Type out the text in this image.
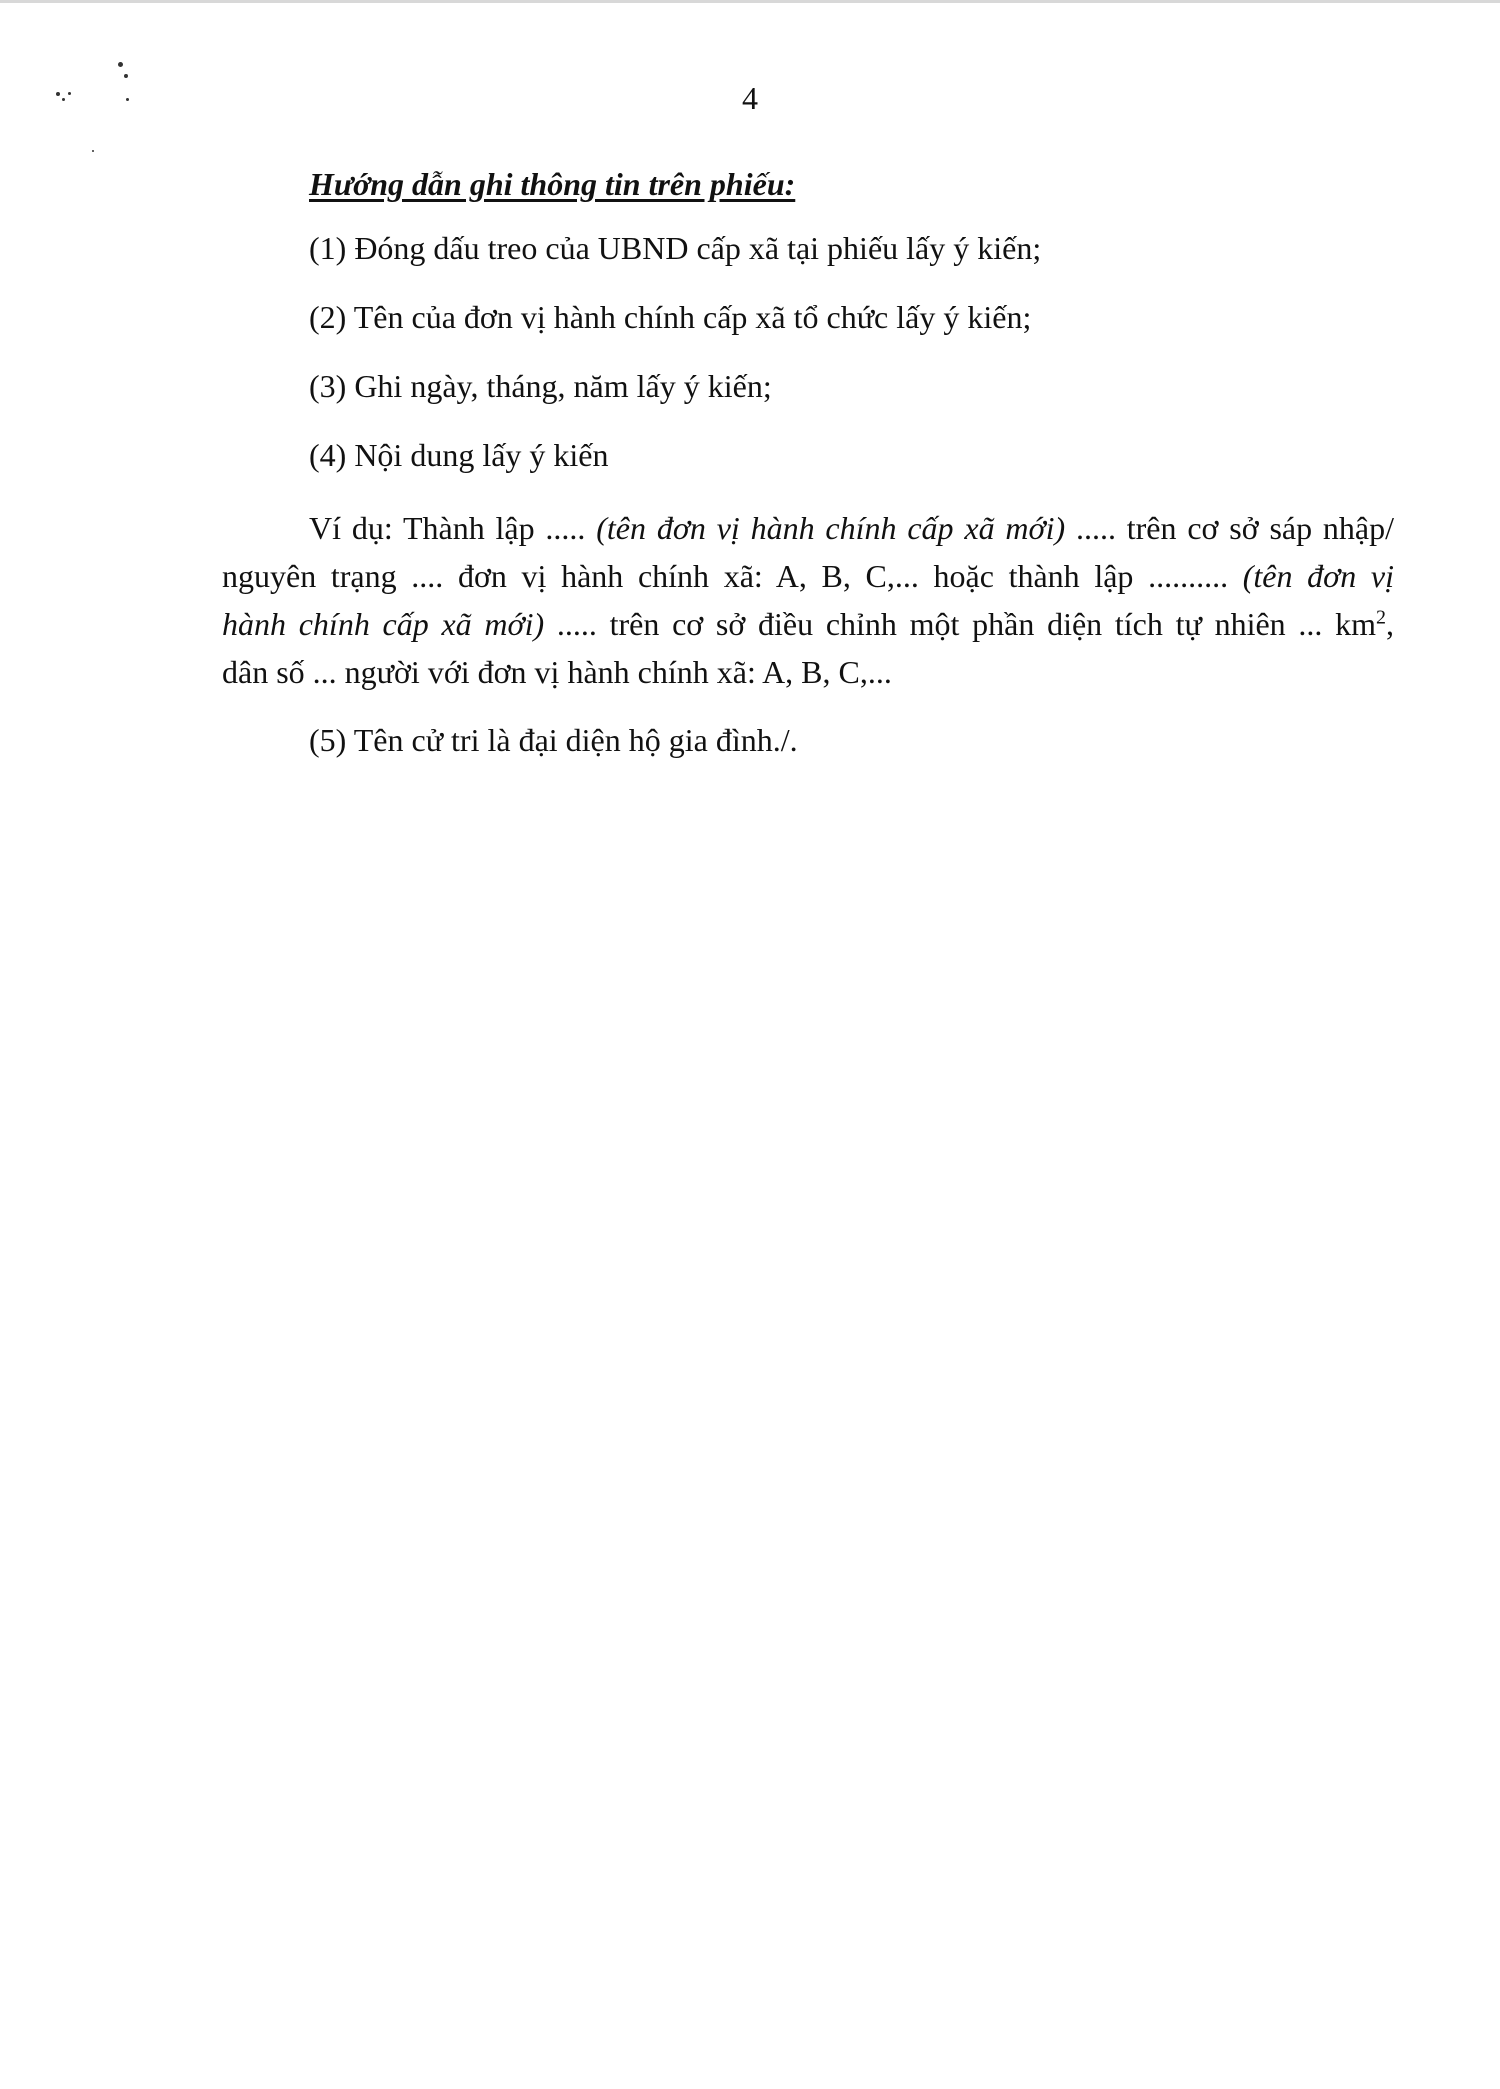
4
Hướng dẫn ghi thông tin trên phiếu:
(1) Đóng dấu treo của UBND cấp xã tại phiếu lấy ý kiến;
(2) Tên của đơn vị hành chính cấp xã tổ chức lấy ý kiến;
(3) Ghi ngày, tháng, năm lấy ý kiến;
(4) Nội dung lấy ý kiến
Ví dụ: Thành lập ..... (tên đơn vị hành chính cấp xã mới) ..... trên cơ sở sáp nhập/
nguyên trạng .... đơn vị hành chính xã: A, B, C,... hoặc thành lập .......... (tên đơn vị
hành chính cấp xã mới) ..... trên cơ sở điều chỉnh một phần diện tích tự nhiên ... $km^2$,
dân số ... người với đơn vị hành chính xã: A, B, C,...
(5) Tên cử tri là đại diện hộ gia đình./.
